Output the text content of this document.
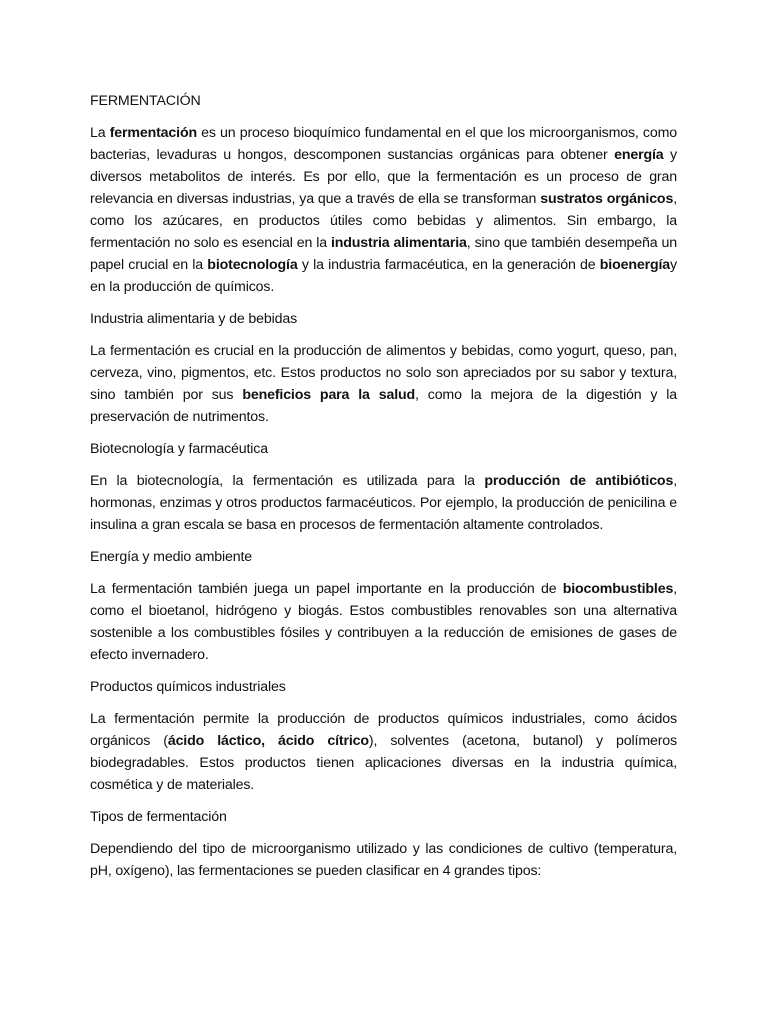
FERMENTACIÓN

La fermentación es un proceso bioquímico fundamental en el que los microorganismos, como bacterias, levaduras u hongos, descomponen sustancias orgánicas para obtener energía y diversos metabolitos de interés. Es por ello, que la fermentación es un proceso de gran relevancia en diversas industrias, ya que a través de ella se transforman sustratos orgánicos, como los azúcares, en productos útiles como bebidas y alimentos. Sin embargo, la fermentación no solo es esencial en la industria alimentaria, sino que también desempeña un papel crucial en la biotecnología y la industria farmacéutica, en la generación de bioenergíay en la producción de químicos.

Industria alimentaria y de bebidas

La fermentación es crucial en la producción de alimentos y bebidas, como yogurt, queso, pan, cerveza, vino, pigmentos, etc. Estos productos no solo son apreciados por su sabor y textura, sino también por sus beneficios para la salud, como la mejora de la digestión y la preservación de nutrimentos.

Biotecnología y farmacéutica

En la biotecnología, la fermentación es utilizada para la producción de antibióticos, hormonas, enzimas y otros productos farmacéuticos. Por ejemplo, la producción de penicilina e insulina a gran escala se basa en procesos de fermentación altamente controlados.

Energía y medio ambiente

La fermentación también juega un papel importante en la producción de biocombustibles, como el bioetanol, hidrógeno y biogás. Estos combustibles renovables son una alternativa sostenible a los combustibles fósiles y contribuyen a la reducción de emisiones de gases de efecto invernadero.

Productos químicos industriales

La fermentación permite la producción de productos químicos industriales, como ácidos orgánicos (ácido láctico, ácido cítrico), solventes (acetona, butanol) y polímeros biodegradables. Estos productos tienen aplicaciones diversas en la industria química, cosmética y de materiales.

Tipos de fermentación

Dependiendo del tipo de microorganismo utilizado y las condiciones de cultivo (temperatura, pH, oxígeno), las fermentaciones se pueden clasificar en 4 grandes tipos:
